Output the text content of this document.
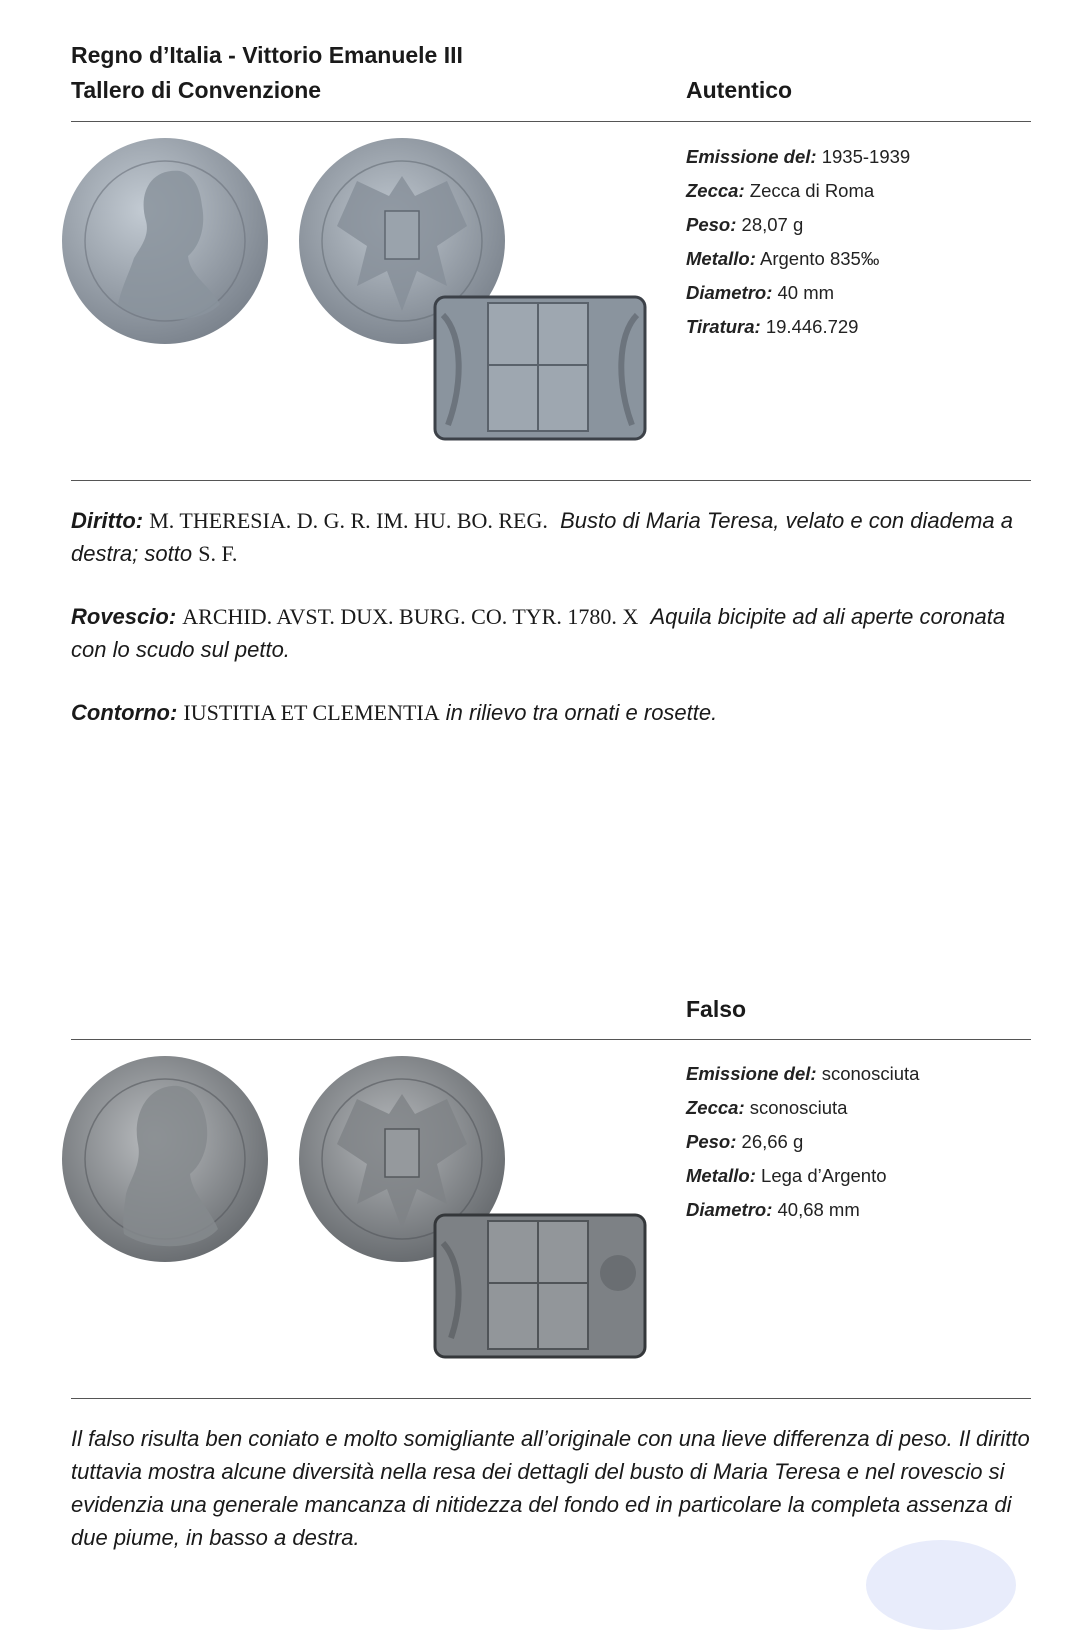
Regno d’Italia - Vittorio Emanuele III
Tallero di Convenzione	Autentico
Emissione del: 1935-1939
Zecca: Zecca di Roma
Peso: 28,07 g
Metallo: Argento 835‰
Diametro: 40 mm
Tiratura: 19.446.729
Diritto: M. THERESIA. D. G. R. IM. HU. BO. REG. Busto di Maria Teresa, velato e con diadema a destra; sotto S. F.
Rovescio: ARCHID. AVST. DUX. BURG. CO. TYR. 1780. X Aquila bicipite ad ali aperte coronata con lo scudo sul petto.
Contorno: IUSTITIA ET CLEMENTIA in rilievo tra ornati e rosette.
Falso
Emissione del: sconosciuta
Zecca: sconosciuta
Peso: 26,66 g
Metallo: Lega d’Argento
Diametro: 40,68 mm
Il falso risulta ben coniato e molto somigliante all’originale con una lieve differenza di peso. Il diritto tuttavia mostra alcune diversità nella resa dei dettagli del busto di Maria Teresa e nel rovescio si evidenzia una generale mancanza di nitidezza del fondo ed in particolare la completa assenza di due piume, in basso a destra.
